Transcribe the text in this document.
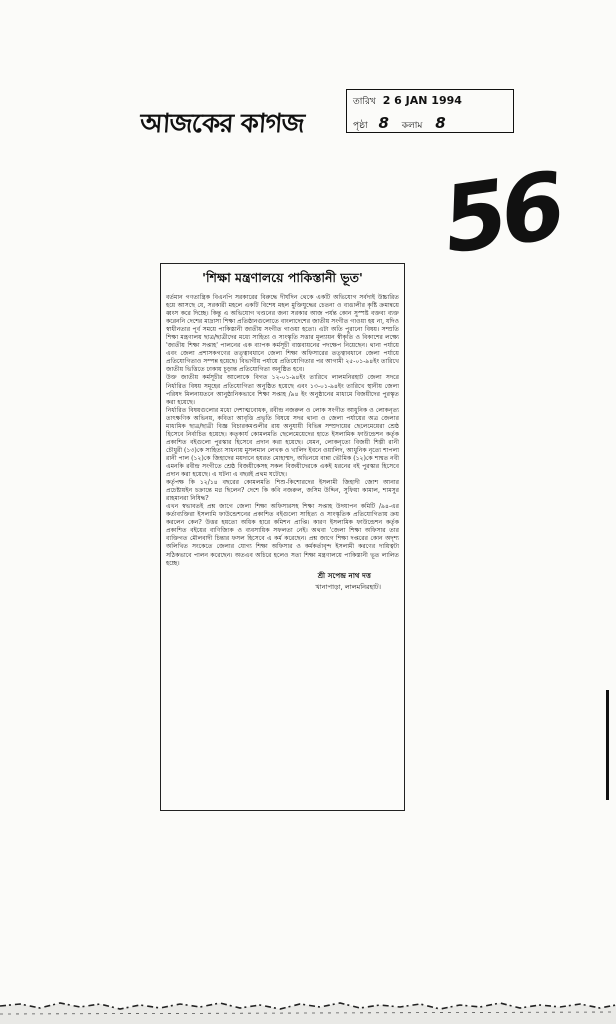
আজকের কাগজ
তারিখ 2 6 JAN 1994
পৃষ্ঠা 8 কলাম 8
56
'শিক্ষা মন্ত্রণালয়ে পাকিস্তানী ভূত'

বর্তমান গণতান্ত্রিক বিএনপি সরকারের বিরুদ্ধে দীর্ঘদিন থেকে একটি অভিযোগ সর্বদাই উচ্চারিত হয়ে আসছে যে, সরকারী মহলে একটি বিশেষ মহল মুক্তিযুদ্ধের চেতনা ও বাঙালীর কৃষ্টি ক্রমান্বয়ে ধ্বংস করে দিচ্ছে। কিন্তু এ অভিযোগ খণ্ডনের জন্য সরকার আজ পর্যন্ত কোন সুস্পষ্ট বক্তব্য ব্যক্ত করেননি দেশের মাদ্রাসা শিক্ষা প্রতিষ্ঠানগুলোতে বাংলাদেশের জাতীয় সংগীত গাওয়া হয় না, যদিও স্বাধীনতার পূর্ব সময়ে পাকিস্তানী জাতীয় সংগীত গাওয়া হতো। এটা অতি পুরানো বিষয়। সম্প্রতি শিক্ষা মন্ত্রণালয় ছাত্র/ছাত্রীদের মধ্যে সাহিত্য ও সাংস্কৃতি সত্তার মূল্যায়ন স্বীকৃতি ও বিকাশের লক্ষ্যে 'জাতীয় শিক্ষা সপ্তাহ' পালনের এক ব্যাপক কর্মসূচী বাস্তবায়নের পদক্ষেপ নিয়েছেন। থানা পর্যায়ে এবং জেলা প্রশাসকগণের তত্ত্বাবধানে জেলা শিক্ষা অফিসারের তত্ত্বাবধানে জেলা পর্যায়ে প্রতিযোগিতাও সম্পন্ন হয়েছে। বিভাগীয় পর্যায়ে প্রতিযোগিতার পর আগামী ২৫-০১-৯৪ইং তারিখে জাতীয় ভিত্তিতে ঢাকায় চূড়ান্ত প্রতিযোগিতা অনুষ্ঠিত হবে।

উক্ত জাতীয় কর্মসূচীর আলোকে বিগত ১২-০১-৯৪ইং তারিখে লালমনিরহাট জেলা সদরে নির্ধারিত বিষয় সমূহের প্রতিযোগিতা অনুষ্ঠিত হয়েছে এবং ১৩-০১-৯৪ইং তারিখে স্থানীয় জেলা পরিষদ মিলনায়তনে আনুষ্ঠানিকভাবে শিক্ষা সপ্তাহ /৯৪ ইং অনুষ্ঠানের মাধ্যমে বিজয়ীদের পুরস্কৃত করা হয়েছে।

নির্ধারিত বিষয়গুলোর মধ্যে দেশাত্মবোধক, রবীন্দ্র নজরুল ও লোক সংগীত আধুনিক ও লোকনৃত্য তাৎক্ষণিক অভিনয়, কবিতা আবৃত্তি প্রভৃতি বিষয়ে সদর থানা ও জেলা পর্যায়ের অত্র জেলার মাধ্যমিক ছাত্র/ছাত্রী বিজ্ঞ বিচারকমণ্ডলীর রায় অনুযায়ী বিভিন্ন সম্প্রদায়ের ছেলেমেয়েরা শ্রেষ্ঠ হিসেবে নির্বাচিত হয়েছে। কতৃকার্য কোমলমতি ছেলেমেয়েদের হাতে ইসলামিক ফাউন্ডেশন কর্তৃক প্রকাশিত বইগুলো পুরস্কার হিসেবে প্রদান করা হয়েছে। যেমন, লোকনৃত্যে বিজয়ী শিল্পী রানী চৌধুরী (১৩)কে সাহিত্য সাধনায় মুসলমান লেখক ও খালিদ ইবনে ওয়ালিদ, আধুনিক নৃত্যে শাপলা রানী পাল (১২)কে জিহাদের ময়দানে হযরত মোহাম্মদ, অভিনয়ে বান্না ভৌমিক (১২)কে শাশ্বত নবী এমনকি রবীন্দ্র সংগীতে শ্রেষ্ঠ বিজয়ীকেসহ সকল বিজয়ীদেরকে একই ধরনের বই পুরস্কার হিসেবে প্রদান করা হয়েছে। এ ঘটনা এ বছরই প্রথম ঘটেছে।

কর্তৃপক্ষ কি ১২/১৪ বছরের কোমলমতি শিশু-কিশোরদের ইসলামী জিহাদী জোশ আনার প্রচেষ্টায়ইন চক্রান্তে মগ্ন ছিলেন? দেশে কি কবি নজরুল, জসিম উদ্দিন, সুফিয়া কামাল, শামসুর রাহমানরা নিষিদ্ধ?

এখন স্বভাবতই প্রশ্ন জাগে জেলা শিক্ষা অফিসারসহ শিক্ষা সপ্তাহ উদযাপন কমিটি /৯৪-এর কর্তাব্যক্তিরা ইসলামি ফাউন্ডেশনের প্রকাশিত বইগুলো সাহিত্য ও সাংস্কৃতিক প্রতিযোগিতায় ক্রয় করলেন কেন? উত্তর হয়তো অধিক হারে কমিশন প্রাপ্তি। কারণ ইসলামিক ফাউন্ডেশন কর্তৃক প্রকাশিত বইয়ের বাণিজ্যিক ও ব্যবসায়িক সফলতা নেই। অথবা 'জেলা শিক্ষা অফিসার তার ব্যক্তিগত মৌলবাদী চিন্তার ফসল হিসেবে এ কর্ম করেছেন। প্রশ্ন জাগে শিক্ষা দপ্তরের কোন অদৃশ্য অলিখিত সংকেতে জেলার যোগ্য শিক্ষা অফিসার ও কর্মকর্তাবৃন্দ ইসলামী করণের দায়িত্বটা সঠিকভাবে পালন করেছেন। অতএব অচিরে হলেও সত্য শিক্ষা মন্ত্রণালয়ে পাকিস্তানী ভূত লালিত হচ্ছে।

শ্রী সপেন্দ্র নাথ দত্ত
খানাপাড়া, লালমনিরহাট।
